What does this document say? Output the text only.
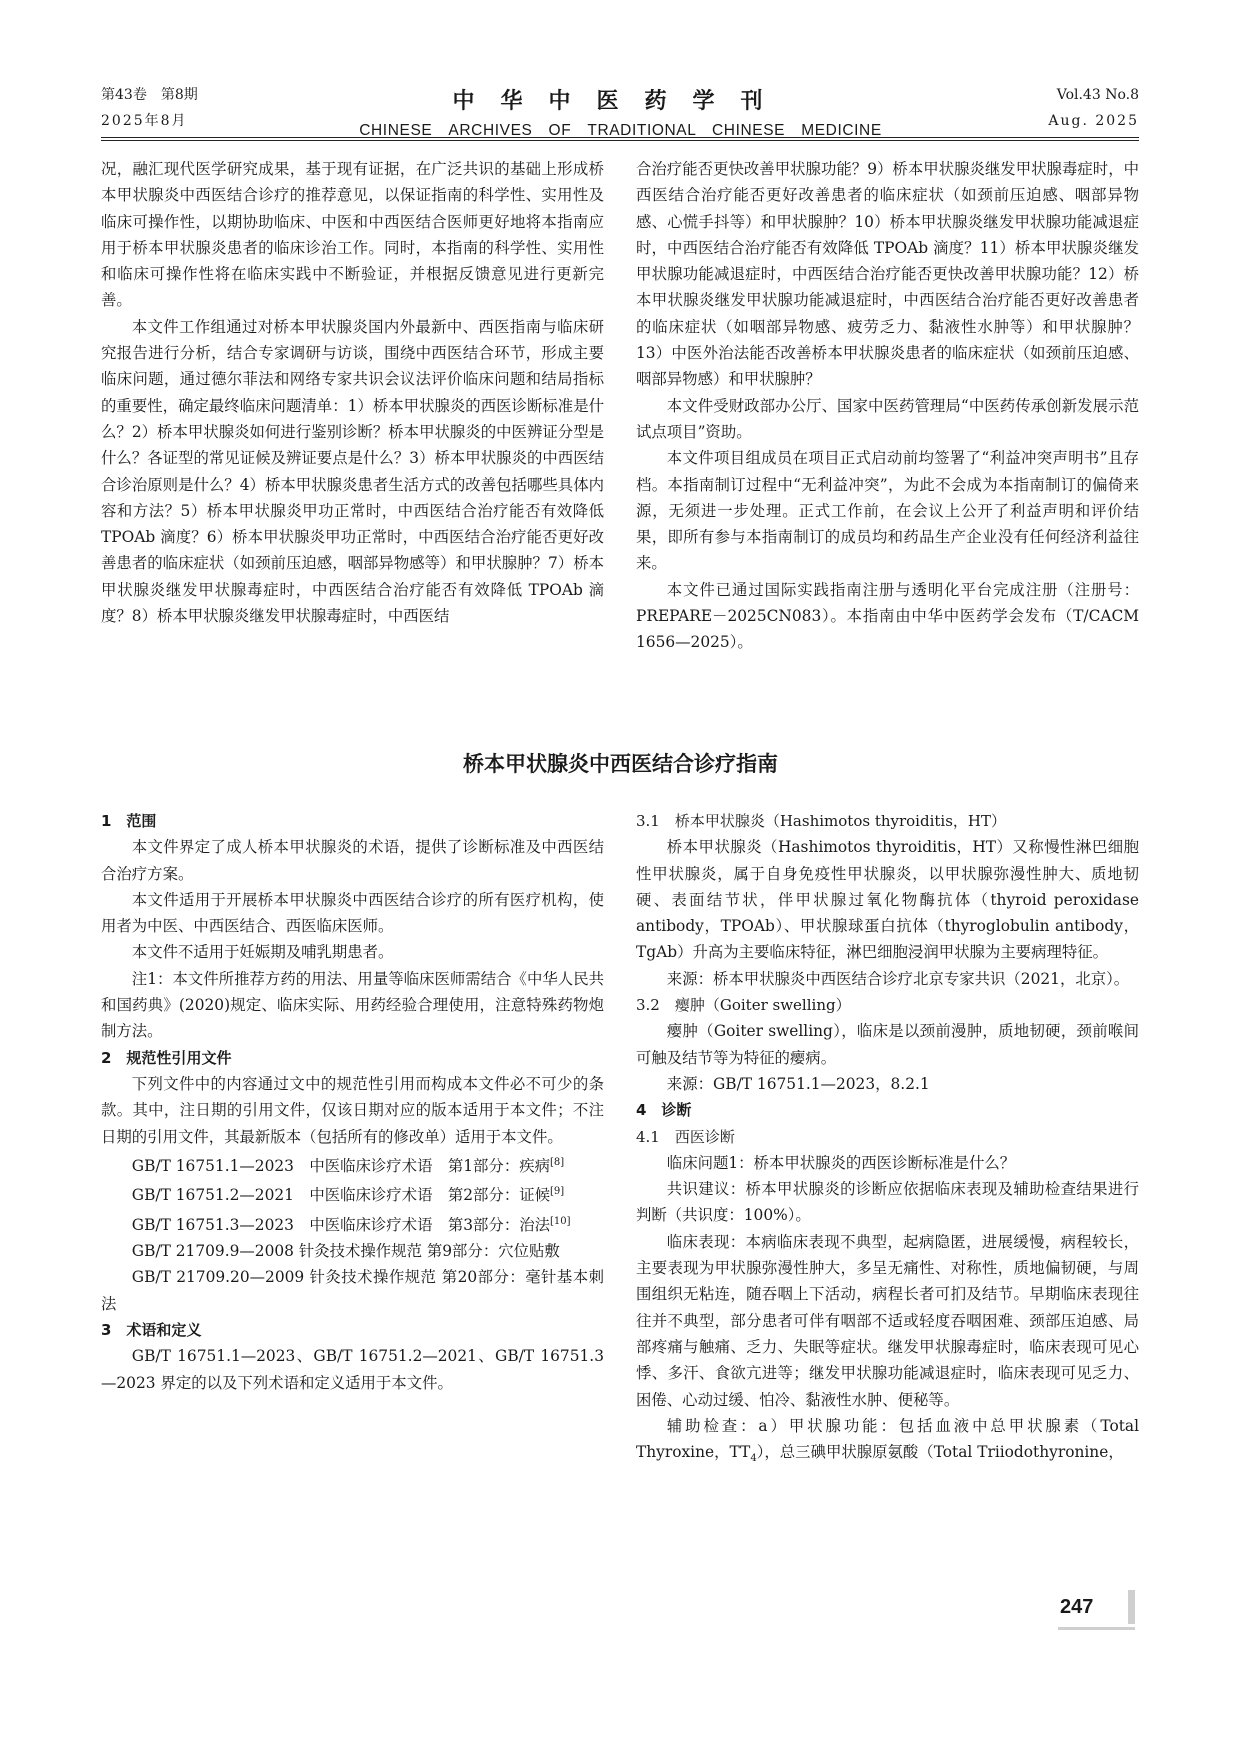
第43卷　第8期
2025年8月
中华中医药学刊
CHINESE　ARCHIVES　OF　TRADITIONAL　CHINESE　MEDICINE
Vol.43 No.8
Aug. 2025

况，融汇现代医学研究成果，基于现有证据，在广泛共识的基础上形成桥本甲状腺炎中西医结合诊疗的推荐意见，以保证指南的科学性、实用性及临床可操作性，以期协助临床、中医和中西医结合医师更好地将本指南应用于桥本甲状腺炎患者的临床诊治工作。同时，本指南的科学性、实用性和临床可操作性将在临床实践中不断验证，并根据反馈意见进行更新完善。

本文件工作组通过对桥本甲状腺炎国内外最新中、西医指南与临床研究报告进行分析，结合专家调研与访谈，围绕中西医结合环节，形成主要临床问题，通过德尔菲法和网络专家共识会议法评价临床问题和结局指标的重要性，确定最终临床问题清单：1）桥本甲状腺炎的西医诊断标准是什么？2）桥本甲状腺炎如何进行鉴别诊断？桥本甲状腺炎的中医辨证分型是什么？各证型的常见证候及辨证要点是什么？3）桥本甲状腺炎的中西医结合诊治原则是什么？4）桥本甲状腺炎患者生活方式的改善包括哪些具体内容和方法？5）桥本甲状腺炎甲功正常时，中西医结合治疗能否有效降低 TPOAb 滴度？6）桥本甲状腺炎甲功正常时，中西医结合治疗能否更好改善患者的临床症状（如颈前压迫感，咽部异物感等）和甲状腺肿？7）桥本甲状腺炎继发甲状腺毒症时，中西医结合治疗能否有效降低 TPOAb 滴度？8）桥本甲状腺炎继发甲状腺毒症时，中西医结

合治疗能否更快改善甲状腺功能？9）桥本甲状腺炎继发甲状腺毒症时，中西医结合治疗能否更好改善患者的临床症状（如颈前压迫感、咽部异物感、心慌手抖等）和甲状腺肿？10）桥本甲状腺炎继发甲状腺功能减退症时，中西医结合治疗能否有效降低 TPOAb 滴度？11）桥本甲状腺炎继发甲状腺功能减退症时，中西医结合治疗能否更快改善甲状腺功能？12）桥本甲状腺炎继发甲状腺功能减退症时，中西医结合治疗能否更好改善患者的临床症状（如咽部异物感、疲劳乏力、黏液性水肿等）和甲状腺肿？13）中医外治法能否改善桥本甲状腺炎患者的临床症状（如颈前压迫感、咽部异物感）和甲状腺肿？

本文件受财政部办公厅、国家中医药管理局“中医药传承创新发展示范试点项目”资助。

本文件项目组成员在项目正式启动前均签署了“利益冲突声明书”且存档。本指南制订过程中“无利益冲突”，为此不会成为本指南制订的偏倚来源，无须进一步处理。正式工作前，在会议上公开了利益声明和评价结果，即所有参与本指南制订的成员均和药品生产企业没有任何经济利益往来。

本文件已通过国际实践指南注册与透明化平台完成注册（注册号：PREPARE－2025CN083）。本指南由中华中医药学会发布（T/CACM 1656—2025）。

桥本甲状腺炎中西医结合诊疗指南

1　范围

本文件界定了成人桥本甲状腺炎的术语，提供了诊断标准及中西医结合治疗方案。

本文件适用于开展桥本甲状腺炎中西医结合诊疗的所有医疗机构，使用者为中医、中西医结合、西医临床医师。

本文件不适用于妊娠期及哺乳期患者。

注1：本文件所推荐方药的用法、用量等临床医师需结合《中华人民共和国药典》(2020)规定、临床实际、用药经验合理使用，注意特殊药物炮制方法。

2　规范性引用文件

下列文件中的内容通过文中的规范性引用而构成本文件必不可少的条款。其中，注日期的引用文件，仅该日期对应的版本适用于本文件；不注日期的引用文件，其最新版本（包括所有的修改单）适用于本文件。

GB/T 16751.1—2023　中医临床诊疗术语　第1部分：疾病[8]

GB/T 16751.2—2021　中医临床诊疗术语　第2部分：证候[9]

GB/T 16751.3—2023　中医临床诊疗术语　第3部分：治法[10]

GB/T 21709.9—2008 针灸技术操作规范 第9部分：穴位贴敷

GB/T 21709.20—2009 针灸技术操作规范 第20部分：毫针基本刺法

3　术语和定义

GB/T 16751.1—2023、GB/T 16751.2—2021、GB/T 16751.3—2023 界定的以及下列术语和定义适用于本文件。

3.1　桥本甲状腺炎（Hashimotos thyroiditis，HT）

桥本甲状腺炎（Hashimotos thyroiditis，HT）又称慢性淋巴细胞性甲状腺炎，属于自身免疫性甲状腺炎，以甲状腺弥漫性肿大、质地韧硬、表面结节状，伴甲状腺过氧化物酶抗体（thyroid peroxidase antibody，TPOAb）、甲状腺球蛋白抗体（thyroglobulin antibody，TgAb）升高为主要临床特征，淋巴细胞浸润甲状腺为主要病理特征。

来源：桥本甲状腺炎中西医结合诊疗北京专家共识（2021，北京）。

3.2　瘿肿（Goiter swelling）

瘿肿（Goiter swelling），临床是以颈前漫肿，质地韧硬，颈前喉间可触及结节等为特征的瘿病。

来源：GB/T 16751.1—2023，8.2.1

4　诊断

4.1　西医诊断

临床问题1：桥本甲状腺炎的西医诊断标准是什么？

共识建议：桥本甲状腺炎的诊断应依据临床表现及辅助检查结果进行判断（共识度：100%）。

临床表现：本病临床表现不典型，起病隐匿，进展缓慢，病程较长，主要表现为甲状腺弥漫性肿大，多呈无痛性、对称性，质地偏韧硬，与周围组织无粘连，随吞咽上下活动，病程长者可扪及结节。早期临床表现往往并不典型，部分患者可伴有咽部不适或轻度吞咽困难、颈部压迫感、局部疼痛与触痛、乏力、失眠等症状。继发甲状腺毒症时，临床表现可见心悸、多汗、食欲亢进等；继发甲状腺功能减退症时，临床表现可见乏力、困倦、心动过缓、怕冷、黏液性水肿、便秘等。

辅助检查：a）甲状腺功能：包括血液中总甲状腺素（Total Thyroxine，$TT_4$），总三碘甲状腺原氨酸（Total Triiodothyronine，

247
